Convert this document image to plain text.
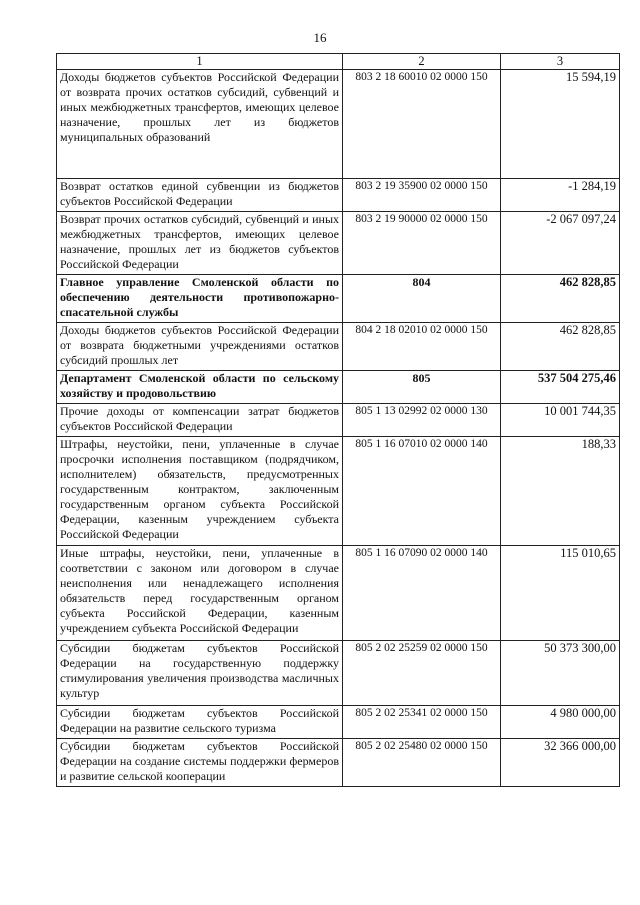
16
1	2	3
Доходы бюджетов субъектов Российской Федерации от возврата прочих остатков субсидий, субвенций и иных межбюджетных трансфертов, имеющих целевое назначение, прошлых лет из бюджетов муниципальных образований	803 2 18 60010 02 0000 150	15 594,19
Возврат остатков единой субвенции из бюджетов субъектов Российской Федерации	803 2 19 35900 02 0000 150	-1 284,19
Возврат прочих остатков субсидий, субвенций и иных межбюджетных трансфертов, имеющих целевое назначение, прошлых лет из бюджетов субъектов Российской Федерации	803 2 19 90000 02 0000 150	-2 067 097,24
Главное управление Смоленской области по обеспечению деятельности противопожарно-спасательной службы	804	462 828,85
Доходы бюджетов субъектов Российской Федерации от возврата бюджетными учреждениями остатков субсидий прошлых лет	804 2 18 02010 02 0000 150	462 828,85
Департамент Смоленской области по сельскому хозяйству и продовольствию	805	537 504 275,46
Прочие доходы от компенсации затрат бюджетов субъектов Российской Федерации	805 1 13 02992 02 0000 130	10 001 744,35
Штрафы, неустойки, пени, уплаченные в случае просрочки исполнения поставщиком (подрядчиком, исполнителем) обязательств, предусмотренных государственным контрактом, заключенным государственным органом субъекта Российской Федерации, казенным учреждением субъекта Российской Федерации	805 1 16 07010 02 0000 140	188,33
Иные штрафы, неустойки, пени, уплаченные в соответствии с законом или договором в случае неисполнения или ненадлежащего исполнения обязательств перед государственным органом субъекта Российской Федерации, казенным учреждением субъекта Российской Федерации	805 1 16 07090 02 0000 140	115 010,65
Субсидии бюджетам субъектов Российской Федерации на государственную поддержку стимулирования увеличения производства масличных культур	805 2 02 25259 02 0000 150	50 373 300,00
Субсидии бюджетам субъектов Российской Федерации на развитие сельского туризма	805 2 02 25341 02 0000 150	4 980 000,00
Субсидии бюджетам субъектов Российской Федерации на создание системы поддержки фермеров и развитие сельской кооперации	805 2 02 25480 02 0000 150	32 366 000,00
